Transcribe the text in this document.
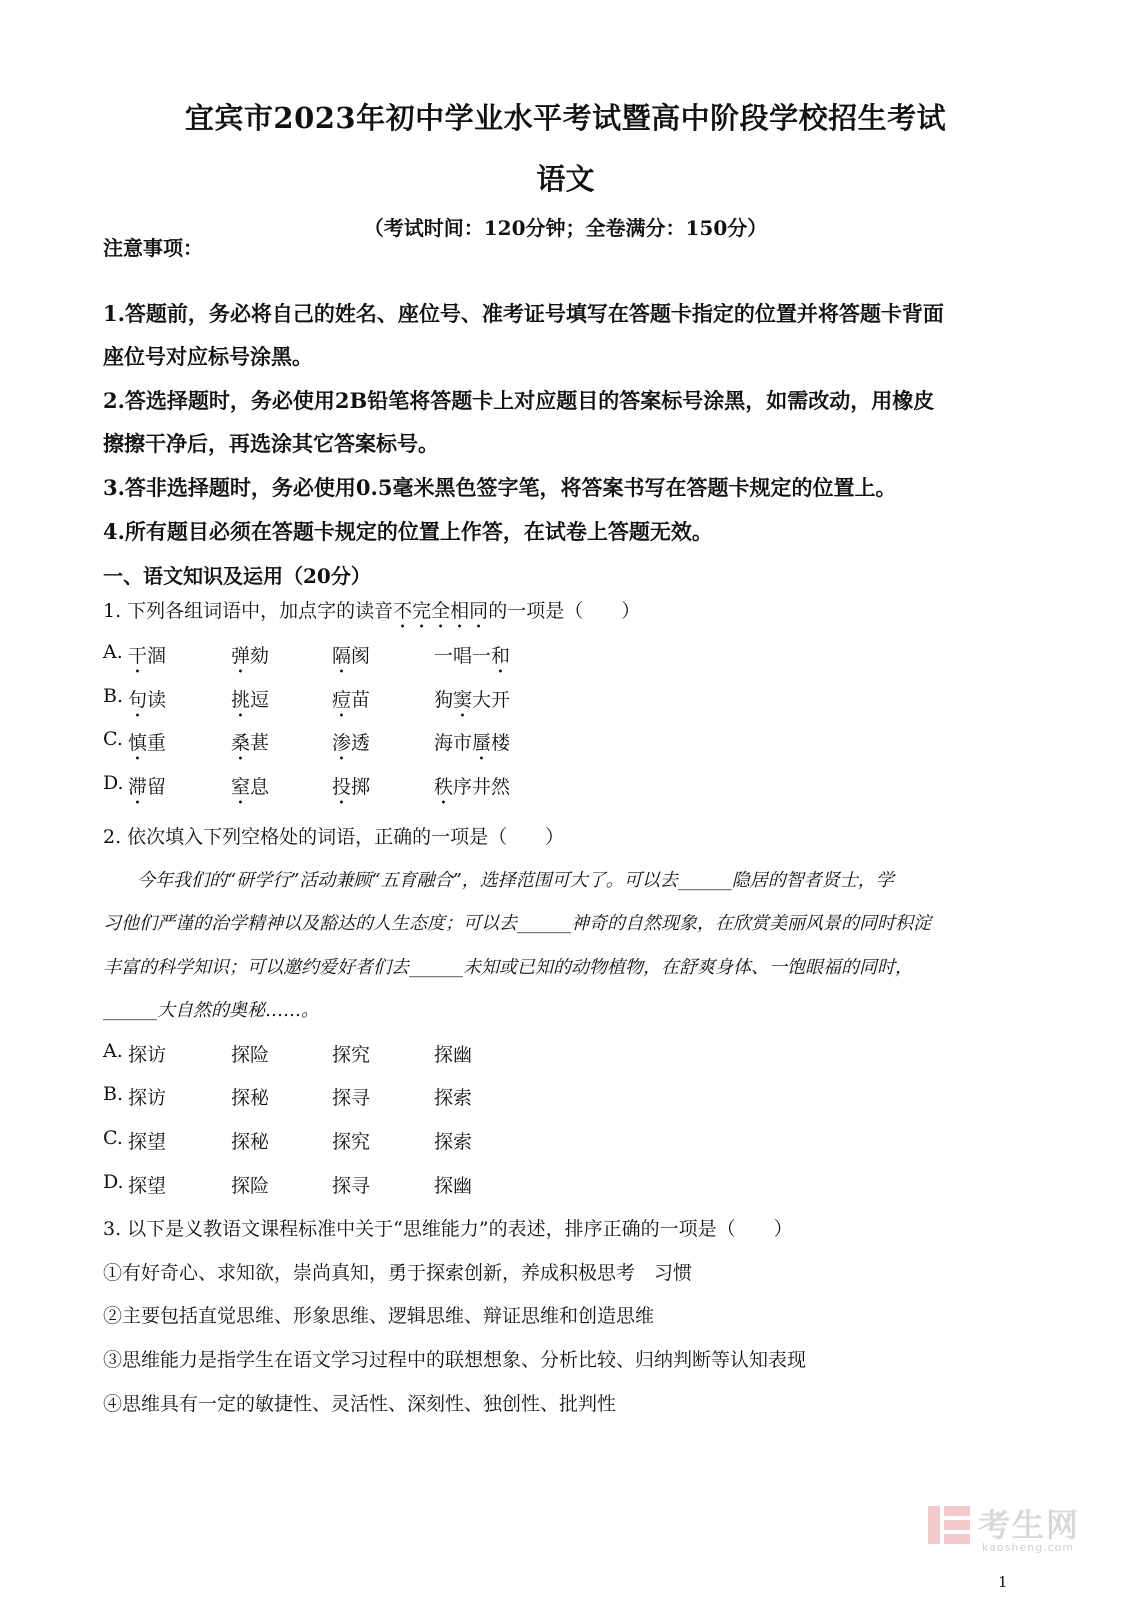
宜宾市2023年初中学业水平考试暨高中阶段学校招生考试
语文
（考试时间：120分钟；全卷满分：150分）
注意事项：
1.答题前，务必将自己的姓名、座位号、准考证号填写在答题卡指定的位置并将答题卡背面
座位号对应标号涂黑。
2.答选择题时，务必使用2B铅笔将答题卡上对应题目的答案标号涂黑，如需改动，用橡皮
擦擦干净后，再选涂其它答案标号。
3.答非选择题时，务必使用0.5毫米黑色签字笔，将答案书写在答题卡规定的位置上。
4.所有题目必须在答题卡规定的位置上作答，在试卷上答题无效。
一、语文知识及运用（20分）
1. 下列各组词语中，加点字的读音不完全相同的一项是（　　）
A. 干涸	弹劾	隔阂	一唱一和
B. 句读	挑逗	痘苗	狗窦大开
C. 慎重	桑葚	渗透	海市蜃楼
D. 滞留	窒息	投掷	秩序井然
2. 依次填入下列空格处的词语，正确的一项是（　　）
今年我们的“研学行”活动兼顾“五育融合”，选择范围可大了。可以去______隐居的智者贤士，学
习他们严谨的治学精神以及豁达的人生态度；可以去______神奇的自然现象，在欣赏美丽风景的同时积淀
丰富的科学知识；可以邀约爱好者们去______未知或已知的动物植物，在舒爽身体、一饱眼福的同时，
______大自然的奥秘……。
A. 探访	探险	探究	探幽
B. 探访	探秘	探寻	探索
C. 探望	探秘	探究	探索
D. 探望	探险	探寻	探幽
3. 以下是义教语文课程标准中关于“思维能力”的表述，排序正确的一项是（　　）
①有好奇心、求知欲，崇尚真知，勇于探索创新，养成积极思考　习惯
②主要包括直觉思维、形象思维、逻辑思维、辩证思维和创造思维
③思维能力是指学生在语文学习过程中的联想想象、分析比较、归纳判断等认知表现
④思维具有一定的敏捷性、灵活性、深刻性、独创性、批判性
考生网
kaosheng.com
1
